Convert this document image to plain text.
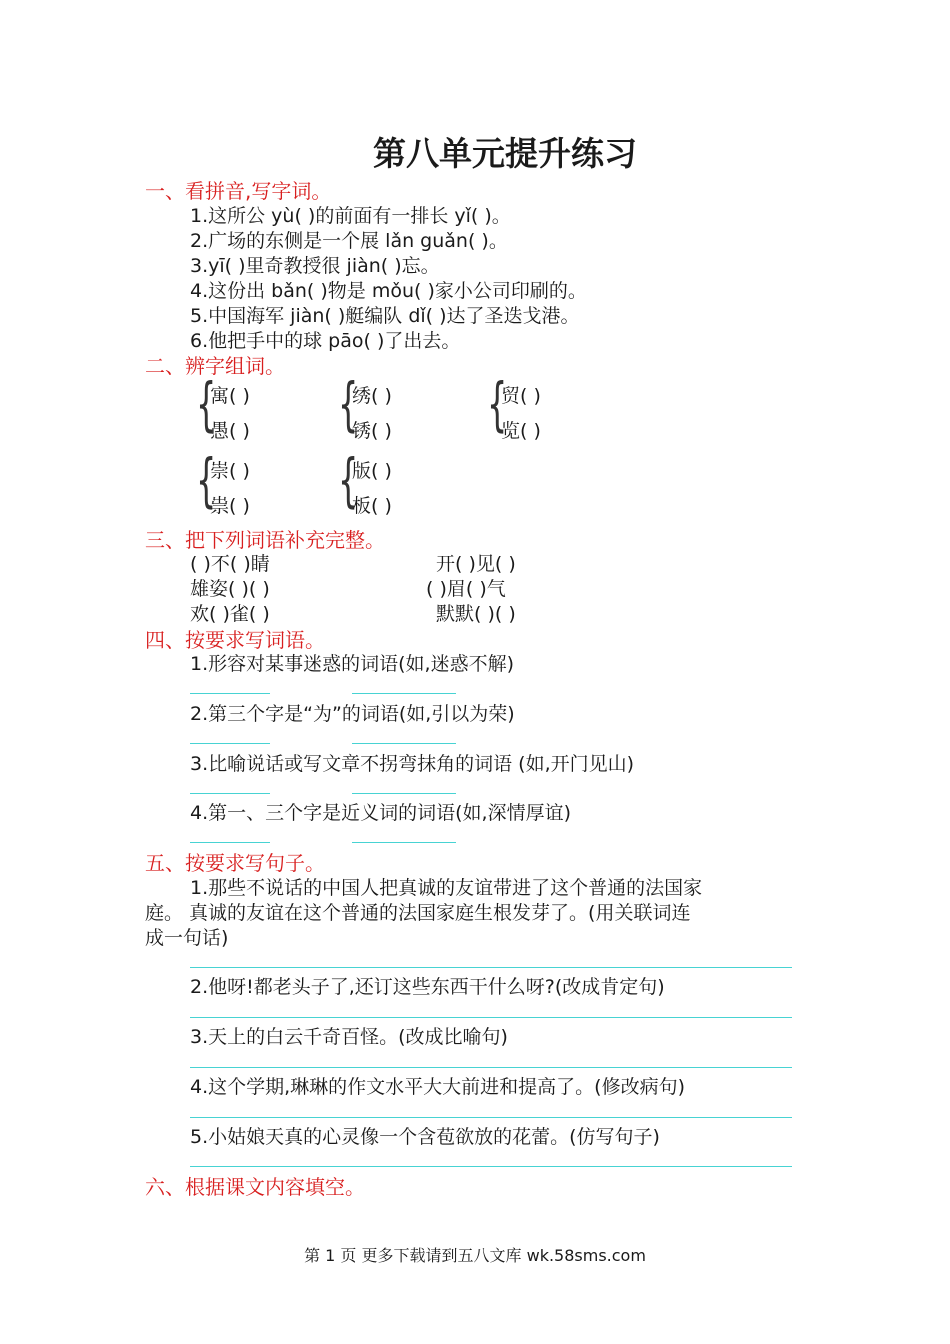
第八单元提升练习
一、看拼音,写字词。
1.这所公 yù( )的前面有一排长 yǐ( )。
2.广场的东侧是一个展 lǎn guǎn( )。
3.yī( )里奇教授很 jiàn( )忘。
4.这份出 bǎn( )物是 mǒu( )家小公司印刷的。
5.中国海军 jiàn( )艇编队 dǐ( )达了圣迭戈港。
6.他把手中的球 pāo( )了出去。
二、辨字组词。
{
寓( )
愚( ) {
绣( )
锈( ) {
贸( )
览( )
{
崇( )
祟( ) {
版( )
板( )
三、把下列词语补充完整。
( )不( )睛	开( )见( )
雄姿( )( )	( )眉( )气
欢( )雀( )	默默( )( )
四、按要求写词语。
1.形容对某事迷惑的词语(如,迷惑不解)
2.第三个字是“为”的词语(如,引以为荣)
3.比喻说话或写文章不拐弯抹角的词语 (如,开门见山)
4.第一、三个字是近义词的词语(如,深情厚谊)
五、按要求写句子。
1.那些不说话的中国人把真诚的友谊带进了这个普通的法国家
庭。 真诚的友谊在这个普通的法国家庭生根发芽了。(用关联词连
成一句话)
2.他呀!都老头子了,还订这些东西干什么呀?(改成肯定句)
3.天上的白云千奇百怪。(改成比喻句)
4.这个学期,琳琳的作文水平大大前进和提高了。(修改病句)
5.小姑娘天真的心灵像一个含苞欲放的花蕾。(仿写句子)
六、根据课文内容填空。
第 1 页 更多下载请到五八文库 wk.58sms.com
